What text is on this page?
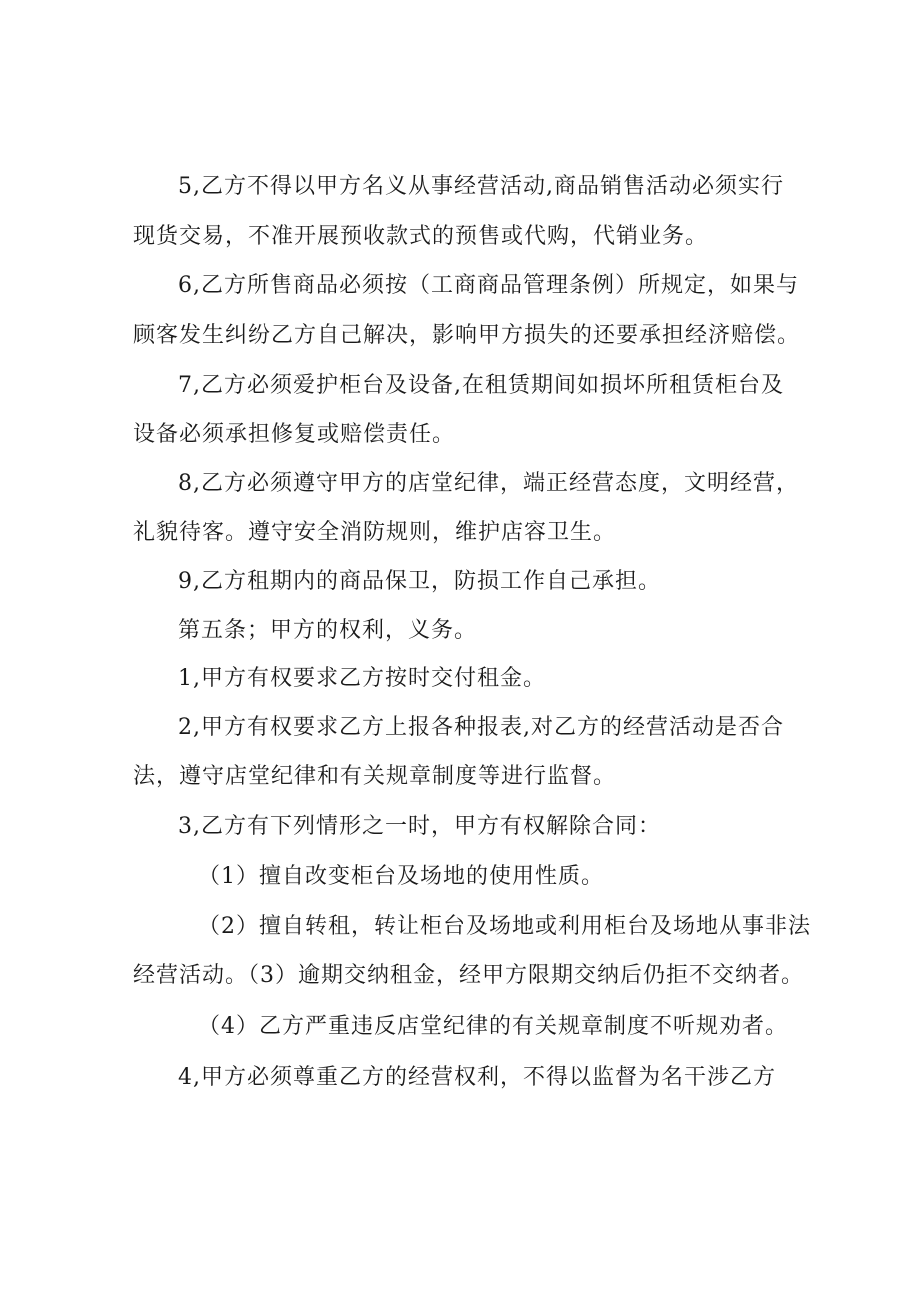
5,乙方不得以甲方名义从事经营活动,商品销售活动必须实行
现货交易，不准开展预收款式的预售或代购，代销业务。
6,乙方所售商品必须按（工商商品管理条例）所规定，如果与
顾客发生纠纷乙方自己解决，影响甲方损失的还要承担经济赔偿。
7,乙方必须爱护柜台及设备,在租赁期间如损坏所租赁柜台及
设备必须承担修复或赔偿责任。
8,乙方必须遵守甲方的店堂纪律，端正经营态度，文明经营，
礼貌待客。遵守安全消防规则，维护店容卫生。
9,乙方租期内的商品保卫，防损工作自己承担。
第五条；甲方的权利，义务。
1,甲方有权要求乙方按时交付租金。
2,甲方有权要求乙方上报各种报表,对乙方的经营活动是否合
法，遵守店堂纪律和有关规章制度等进行监督。
3,乙方有下列情形之一时，甲方有权解除合同：
（1）擅自改变柜台及场地的使用性质。
（2）擅自转租，转让柜台及场地或利用柜台及场地从事非法
经营活动。（3）逾期交纳租金，经甲方限期交纳后仍拒不交纳者。
（4）乙方严重违反店堂纪律的有关规章制度不听规劝者。
4,甲方必须尊重乙方的经营权利，不得以监督为名干涉乙方
